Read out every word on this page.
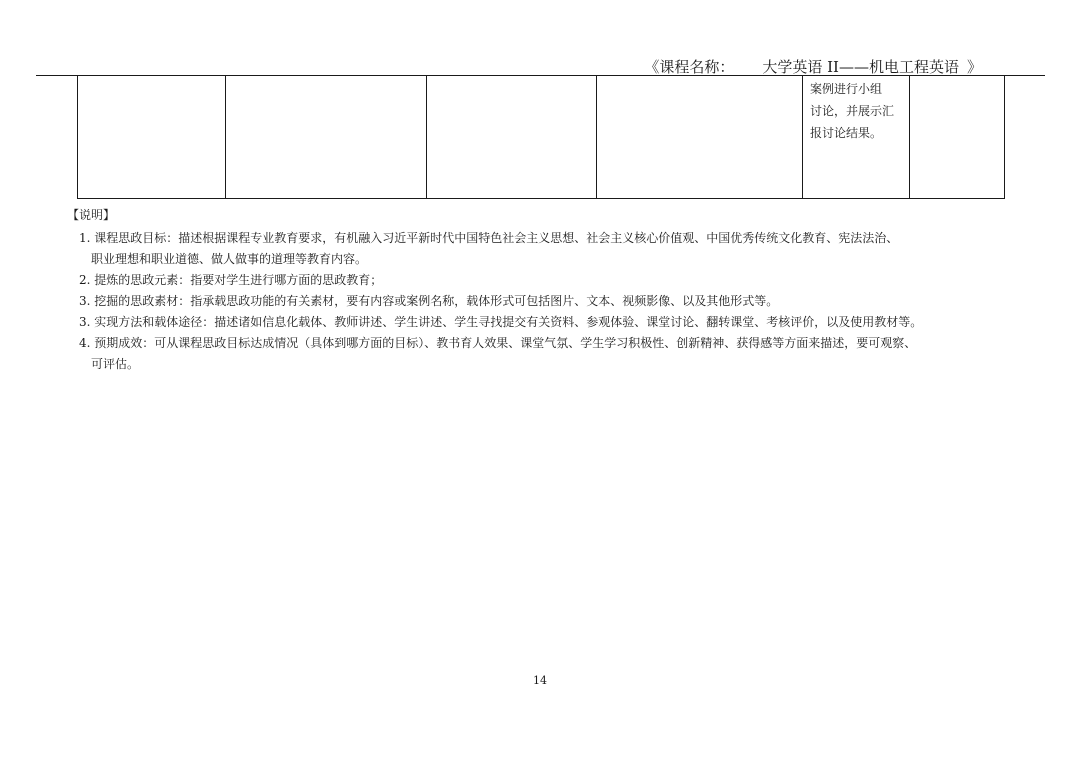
《课程名称： 大学英语 II——机电工程英语 》
案例进行小组
讨论，并展示汇
报讨论结果。
【说明】
1. 课程思政目标：描述根据课程专业教育要求，有机融入习近平新时代中国特色社会主义思想、社会主义核心价值观、中国优秀传统文化教育、宪法法治、
职业理想和职业道德、做人做事的道理等教育内容。
2. 提炼的思政元素：指要对学生进行哪方面的思政教育；
3. 挖掘的思政素材：指承载思政功能的有关素材，要有内容或案例名称，载体形式可包括图片、文本、视频影像、以及其他形式等。
3. 实现方法和载体途径：描述诸如信息化载体、教师讲述、学生讲述、学生寻找提交有关资料、参观体验、课堂讨论、翻转课堂、考核评价，以及使用教材等。
4. 预期成效：可从课程思政目标达成情况（具体到哪方面的目标）、教书育人效果、课堂气氛、学生学习积极性、创新精神、获得感等方面来描述，要可观察、
可评估。
14
